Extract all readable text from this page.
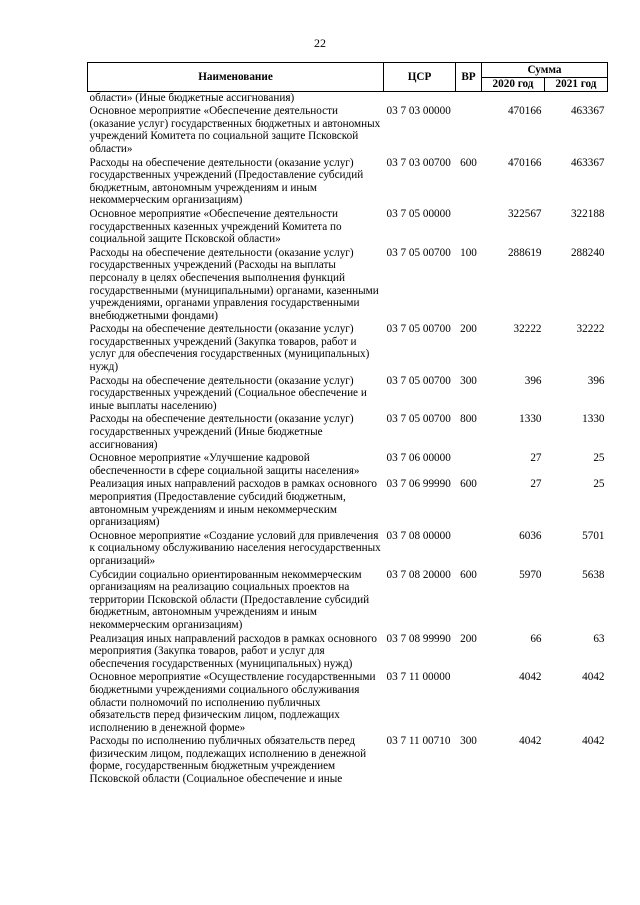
22
Наименование	ЦСР	ВР	Сумма	
			2020 год	2021 год
области» (Иные бюджетные ассигнования)				
Основное мероприятие «Обеспечение деятельности (оказание услуг) государственных бюджетных и автономных учреждений Комитета по социальной защите Псковской области»	03 7 03 00000		470166	463367
Расходы на обеспечение деятельности (оказание услуг) государственных учреждений (Предоставление субсидий бюджетным, автономным учреждениям и иным некоммерческим организациям)	03 7 03 00700	600	470166	463367
Основное мероприятие «Обеспечение деятельности государственных казенных учреждений Комитета по социальной защите Псковской области»	03 7 05 00000		322567	322188
Расходы на обеспечение деятельности (оказание услуг) государственных учреждений (Расходы на выплаты персоналу в целях обеспечения выполнения функций государственными (муниципальными) органами, казенными учреждениями, органами управления государственными внебюджетными фондами)	03 7 05 00700	100	288619	288240
Расходы на обеспечение деятельности (оказание услуг) государственных учреждений (Закупка товаров, работ и услуг для обеспечения государственных (муниципальных) нужд)	03 7 05 00700	200	32222	32222
Расходы на обеспечение деятельности (оказание услуг) государственных учреждений (Социальное обеспечение и иные выплаты населению)	03 7 05 00700	300	396	396
Расходы на обеспечение деятельности (оказание услуг) государственных учреждений (Иные бюджетные ассигнования)	03 7 05 00700	800	1330	1330
Основное мероприятие «Улучшение кадровой обеспеченности в сфере социальной защиты населения»	03 7 06 00000		27	25
Реализация иных направлений расходов в рамках основного мероприятия (Предоставление субсидий бюджетным, автономным учреждениям и иным некоммерческим организациям)	03 7 06 99990	600	27	25
Основное мероприятие «Создание условий для привлечения к социальному обслуживанию населения негосударственных организаций»	03 7 08 00000		6036	5701
Субсидии социально ориентированным некоммерческим организациям на реализацию социальных проектов на территории Псковской области (Предоставление субсидий бюджетным, автономным учреждениям и иным некоммерческим организациям)	03 7 08 20000	600	5970	5638
Реализация иных направлений расходов в рамках основного мероприятия (Закупка товаров, работ и услуг для обеспечения государственных (муниципальных) нужд)	03 7 08 99990	200	66	63
Основное мероприятие «Осуществление государственными бюджетными учреждениями социального обслуживания области полномочий по исполнению публичных обязательств перед физическим лицом, подлежащих исполнению в денежной форме»	03 7 11 00000		4042	4042
Расходы по исполнению публичных обязательств перед физическим лицом, подлежащих исполнению в денежной форме, государственным бюджетным учреждением Псковской области (Социальное обеспечение и иные	03 7 11 00710	300	4042	4042
